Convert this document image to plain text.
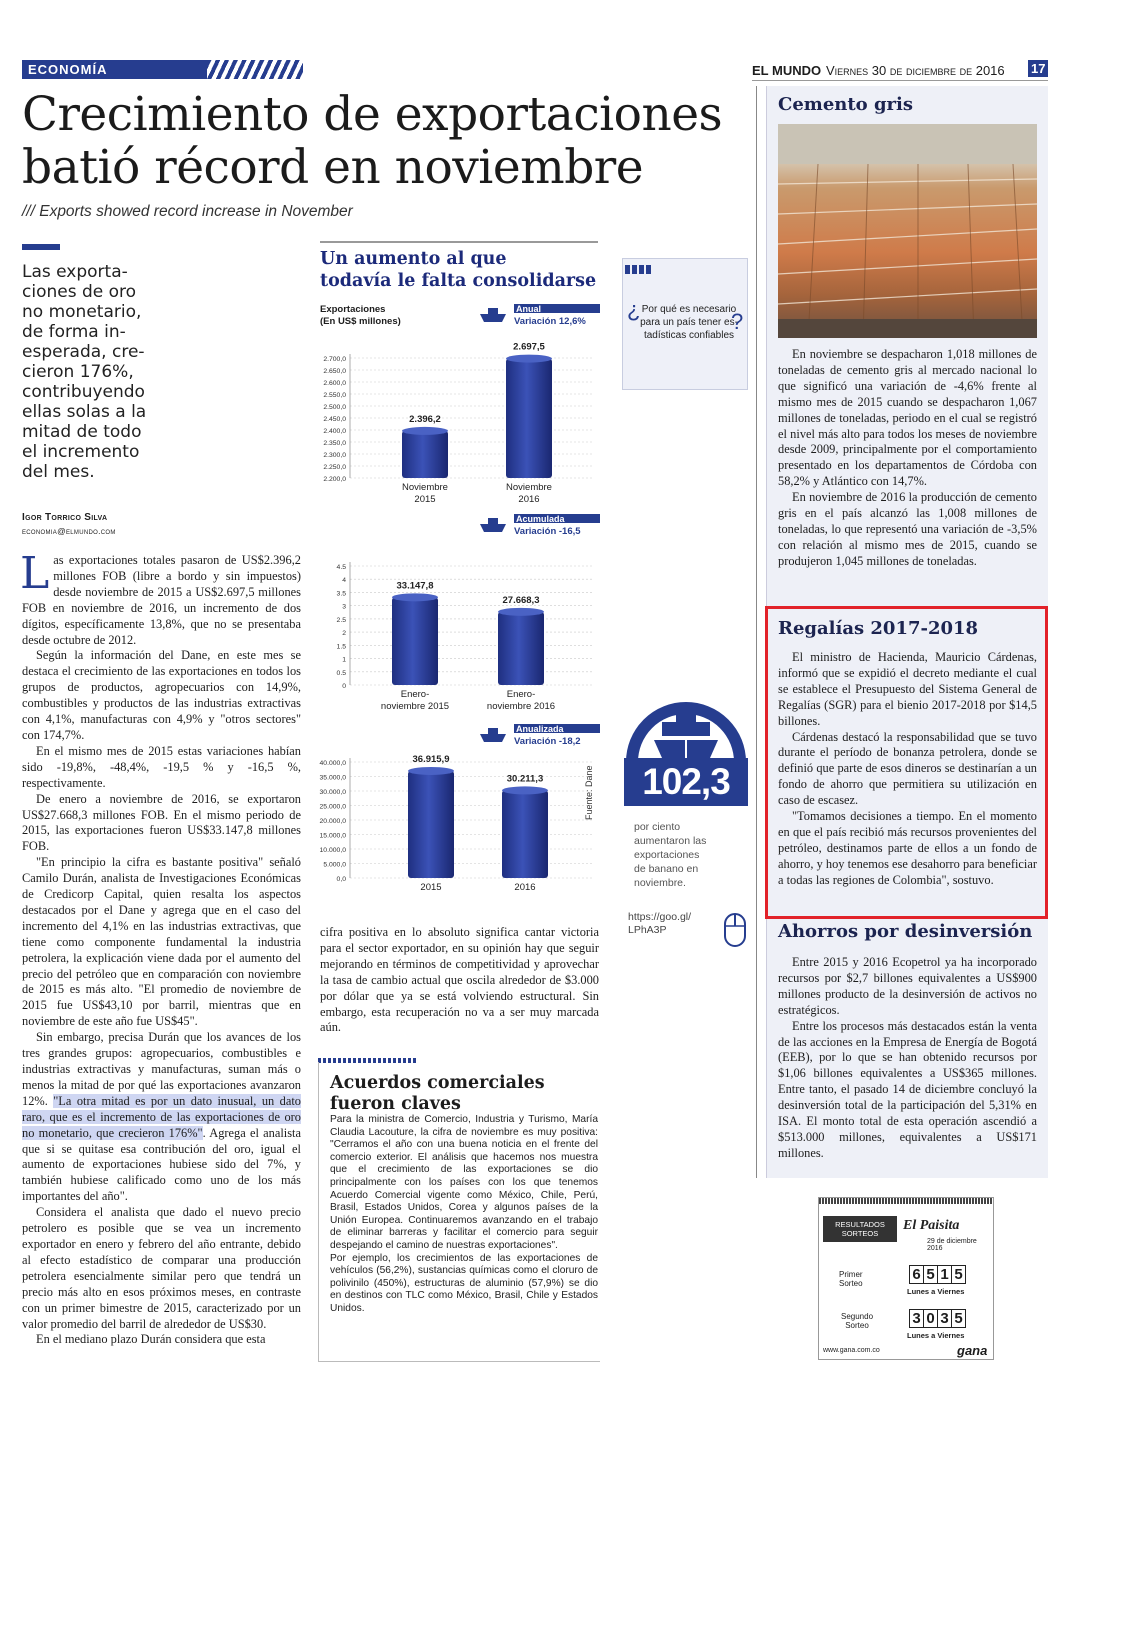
ECONOMÍA	EL MUNDO Viernes 30 de diciembre de 2016 17
Crecimiento de exportaciones
batió récord en noviembre
/// Exports showed record increase in November
Las exporta-
ciones de oro
no monetario,
de forma in-
esperada, cre-
cieron 176%,
contribuyendo
ellas solas a la
mitad de todo
el incremento
del mes.
Igor Torrico Silva
economia@elmundo.com

L as exportaciones totales pasaron de US$2.396,2 millones FOB (libre a bordo y sin impuestos) desde noviembre de 2015 a US$2.697,5 millones FOB en noviembre de 2016, un incremento de dos dígitos, específicamente 13,8%, que no se presentaba desde octubre de 2012.

Según la información del Dane, en este mes se destaca el crecimiento de las exportaciones en todos los grupos de productos, agropecuarios con 14,9%, combustibles y productos de las industrias extractivas con 4,1%, manufacturas con 4,9% y "otros sectores" con 174,7%.

En el mismo mes de 2015 estas variaciones habían sido -19,8%, -48,4%, -19,5 % y -16,5 %, respectivamente.

De enero a noviembre de 2016, se exportaron US$27.668,3 millones FOB. En el mismo periodo de 2015, las exportaciones fueron US$33.147,8 millones FOB.

"En principio la cifra es bastante positiva" señaló Camilo Durán, analista de Investigaciones Económicas de Credicorp Capital, quien resalta los aspectos destacados por el Dane y agrega que en el caso del incremento del 4,1% en las industrias extractivas, que tiene como componente fundamental la industria petrolera, la explicación viene dada por el aumento del precio del petróleo que en comparación con noviembre de 2015 es más alto. "El promedio de noviembre de 2015 fue US$43,10 por barril, mientras que en noviembre de este año fue US$45".

Sin embargo, precisa Durán que los avances de los tres grandes grupos: agropecuarios, combustibles e industrias extractivas y manufacturas, suman más o menos la mitad de por qué las exportaciones avanzaron 12%. "La otra mitad es por un dato inusual, un dato raro, que es el incremento de las exportaciones de oro no monetario, que crecieron 176%". Agrega el analista que si se quitase esa contribución del oro, igual el aumento de exportaciones hubiese sido del 7%, y también hubiese calificado como uno de los más importantes del año".

Considera el analista que dado el nuevo precio petrolero es posible que se vea un incremento exportador en enero y febrero del año entrante, debido al efecto estadístico de comparar una producción petrolera esencialmente similar pero que tendrá un precio más alto en esos próximos meses, en contraste con un primer bimestre de 2015, caracterizado por un valor promedio del barril de alrededor de US$30.

En el mediano plazo Durán considera que esta

Un aumento al que
todavía le falta consolidarse
Exportaciones
(En US$ millones)
Anual
Variación 12,6%
2.700,0
2.650,0
2.600,0
2.550,0
2.500,0
2.450,0
2.400,0
2.350,0
2.300,0
2.250,0
2.200,0
2.396,2
Noviembre
2015
2.697,5
Noviembre
2016
Acumulada
Variación -16,5
4.5
4
3.5
3
2.5
2
1.5
1
0.5
0
33.147,8
Enero-
noviembre 2015
27.668,3
Enero-
noviembre 2016
Anualizada
Variación -18,2
40.000,0
35.000,0
30.000,0
25.000,0
20.000,0
15.000,0
10.000,0
5.000,0
0,0
36.915,9
2015
30.211,3
2016
Fuente: Dane

cifra positiva en lo absoluto significa cantar victoria para el sector exportador, en su opinión hay que seguir mejorando en términos de competitividad y aprovechar la tasa de cambio actual que oscila alrededor de $3.000 por dólar que ya se está volviendo estructural. Sin embargo, esta recuperación no va a ser muy marcada aún.

Acuerdos comerciales
fueron claves

Para la ministra de Comercio, Industria y Turismo, María Claudia Lacouture, la cifra de noviembre es muy positiva: "Cerramos el año con una buena noticia en el frente del comercio exterior. El análisis que hacemos nos muestra que el crecimiento de las exportaciones se dio principalmente con los países con los que tenemos Acuerdo Comercial vigente como México, Chile, Perú, Brasil, Estados Unidos, Corea y algunos países de la Unión Europea. Continuaremos avanzando en el trabajo de eliminar barreras y facilitar el comercio para seguir despejando el camino de nuestras exportaciones".

Por ejemplo, los crecimientos de las exportaciones de vehículos (56,2%), sustancias químicas como el cloruro de polivinilo (450%), estructuras de aluminio (57,9%) se dio en destinos con TLC como México, Brasil, Chile y Estados Unidos.

¿ Por qué es necesario
para un país tener es-
tadísticas confiables
?
102,3
por ciento
aumentaron las
exportaciones
de banano en
noviembre.
https://goo.gl/
LPhA3P
Cemento gris

En noviembre se despacharon 1,018 millones de toneladas de cemento gris al mercado nacional lo que significó una variación de -4,6% frente al mismo mes de 2015 cuando se despacharon 1,067 millones de toneladas, periodo en el cual se registró el nivel más alto para todos los meses de noviembre desde 2009, principalmente por el comportamiento presentado en los departamentos de Córdoba con 58,2% y Atlántico con 14,7%.

En noviembre de 2016 la producción de cemento gris en el país alcanzó las 1,008 millones de toneladas, lo que representó una variación de -3,5% con relación al mismo mes de 2015, cuando se produjeron 1,045 millones de toneladas.

Regalías 2017-2018

El ministro de Hacienda, Mauricio Cárdenas, informó que se expidió el decreto mediante el cual se establece el Presupuesto del Sistema General de Regalías (SGR) para el bienio 2017-2018 por $14,5 billones.

Cárdenas destacó la responsabilidad que se tuvo durante el período de bonanza petrolera, donde se definió que parte de esos dineros se destinarían a un fondo de ahorro que permitiera su utilización en caso de escasez.

"Tomamos decisiones a tiempo. En el momento en que el país recibió más recursos provenientes del petróleo, destinamos parte de ellos a un fondo de ahorro, y hoy tenemos ese desahorro para beneficiar a todas las regiones de Colombia", sostuvo.

Ahorros por desinversión

Entre 2015 y 2016 Ecopetrol ya ha incorporado recursos por $2,7 billones equivalentes a US$900 millones producto de la desinversión de activos no estratégicos.

Entre los procesos más destacados están la venta de las acciones en la Empresa de Energía de Bogotá (EEB), por lo que se han obtenido recursos por $1,06 billones equivalentes a US$365 millones. Entre tanto, el pasado 14 de diciembre concluyó la desinversión total de la participación del 5,31% en ISA. El monto total de esta operación ascendió a $513.000 millones, equivalentes a US$171 millones.

RESULTADOS
SORTEOS
El Paisita
29 de diciembre 2016
Primer
Sorteo
6 5 1 5
Lunes a Viernes
Segundo
Sorteo	3 0 3 5
Lunes a Viernes
www.gana.com.co	gana
